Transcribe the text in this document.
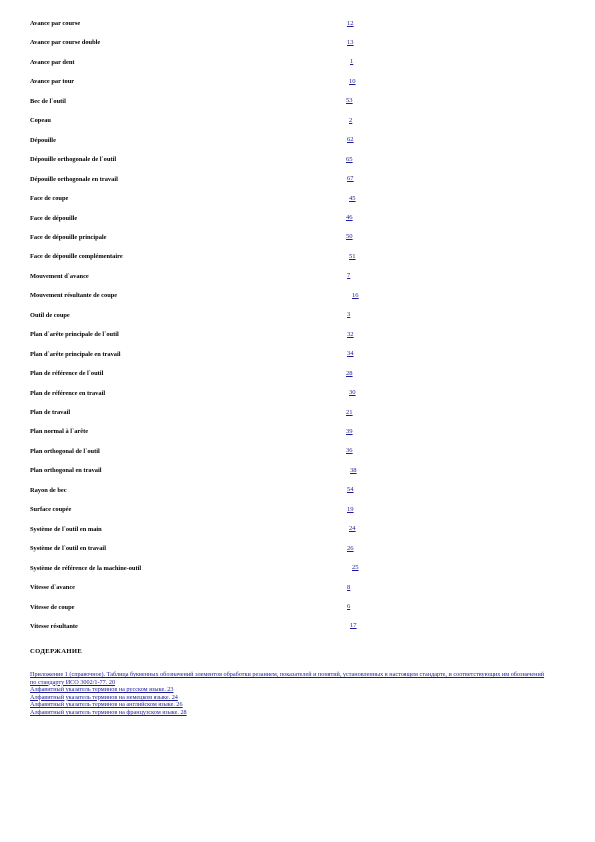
Avance par course	12
Avance par course double	13
Avance par dent	1
Avance par tour	10
Bec de l`outil	53
Copeau	2
Dépouille	62
Dépouille orthogonale de l`outil	65
Dépouille orthogonale en travail	67
Face de coupe	45
Face de dépouille	46
Face de dépouille principale	50
Face de dépouille complémentaire	51
Mouvement d`avance	7
Mouvement résultante de coupe	16
Outil de coupe	3
Plan d`arête principale de l`outil	32
Plan d`arête principale en travail	34
Plan de référence de l`outil	28
Plan de référence en travail	30
Plan de travail	21
Plan normal à l`arête	39
Plan orthogonal de l`outil	36
Plan orthogonal en travail	38
Rayon de bec	54
Surface coupée	19
Système de l`outil en main	24
Système de l`outil en travail	26
Système de référence de la machine-outil	25
Vitesse d`avance	8
Vitesse de coupe	6
Vitesse résultante	17
СОДЕРЖАНИЕ
Приложение 1 (справочное). Таблица буквенных обозначений элементов обработки резанием, показателей и понятий, установленных в настоящем стандарте, и соответствующих им обозначений по стандарту ИСО 3002/1-77. 20
Алфавитный указатель терминов на русском языке. 23
Алфавитный указатель терминов на немецком языке. 24
Алфавитный указатель терминов на английском языке. 26
Алфавитный указатель терминов на французском языке. 28
